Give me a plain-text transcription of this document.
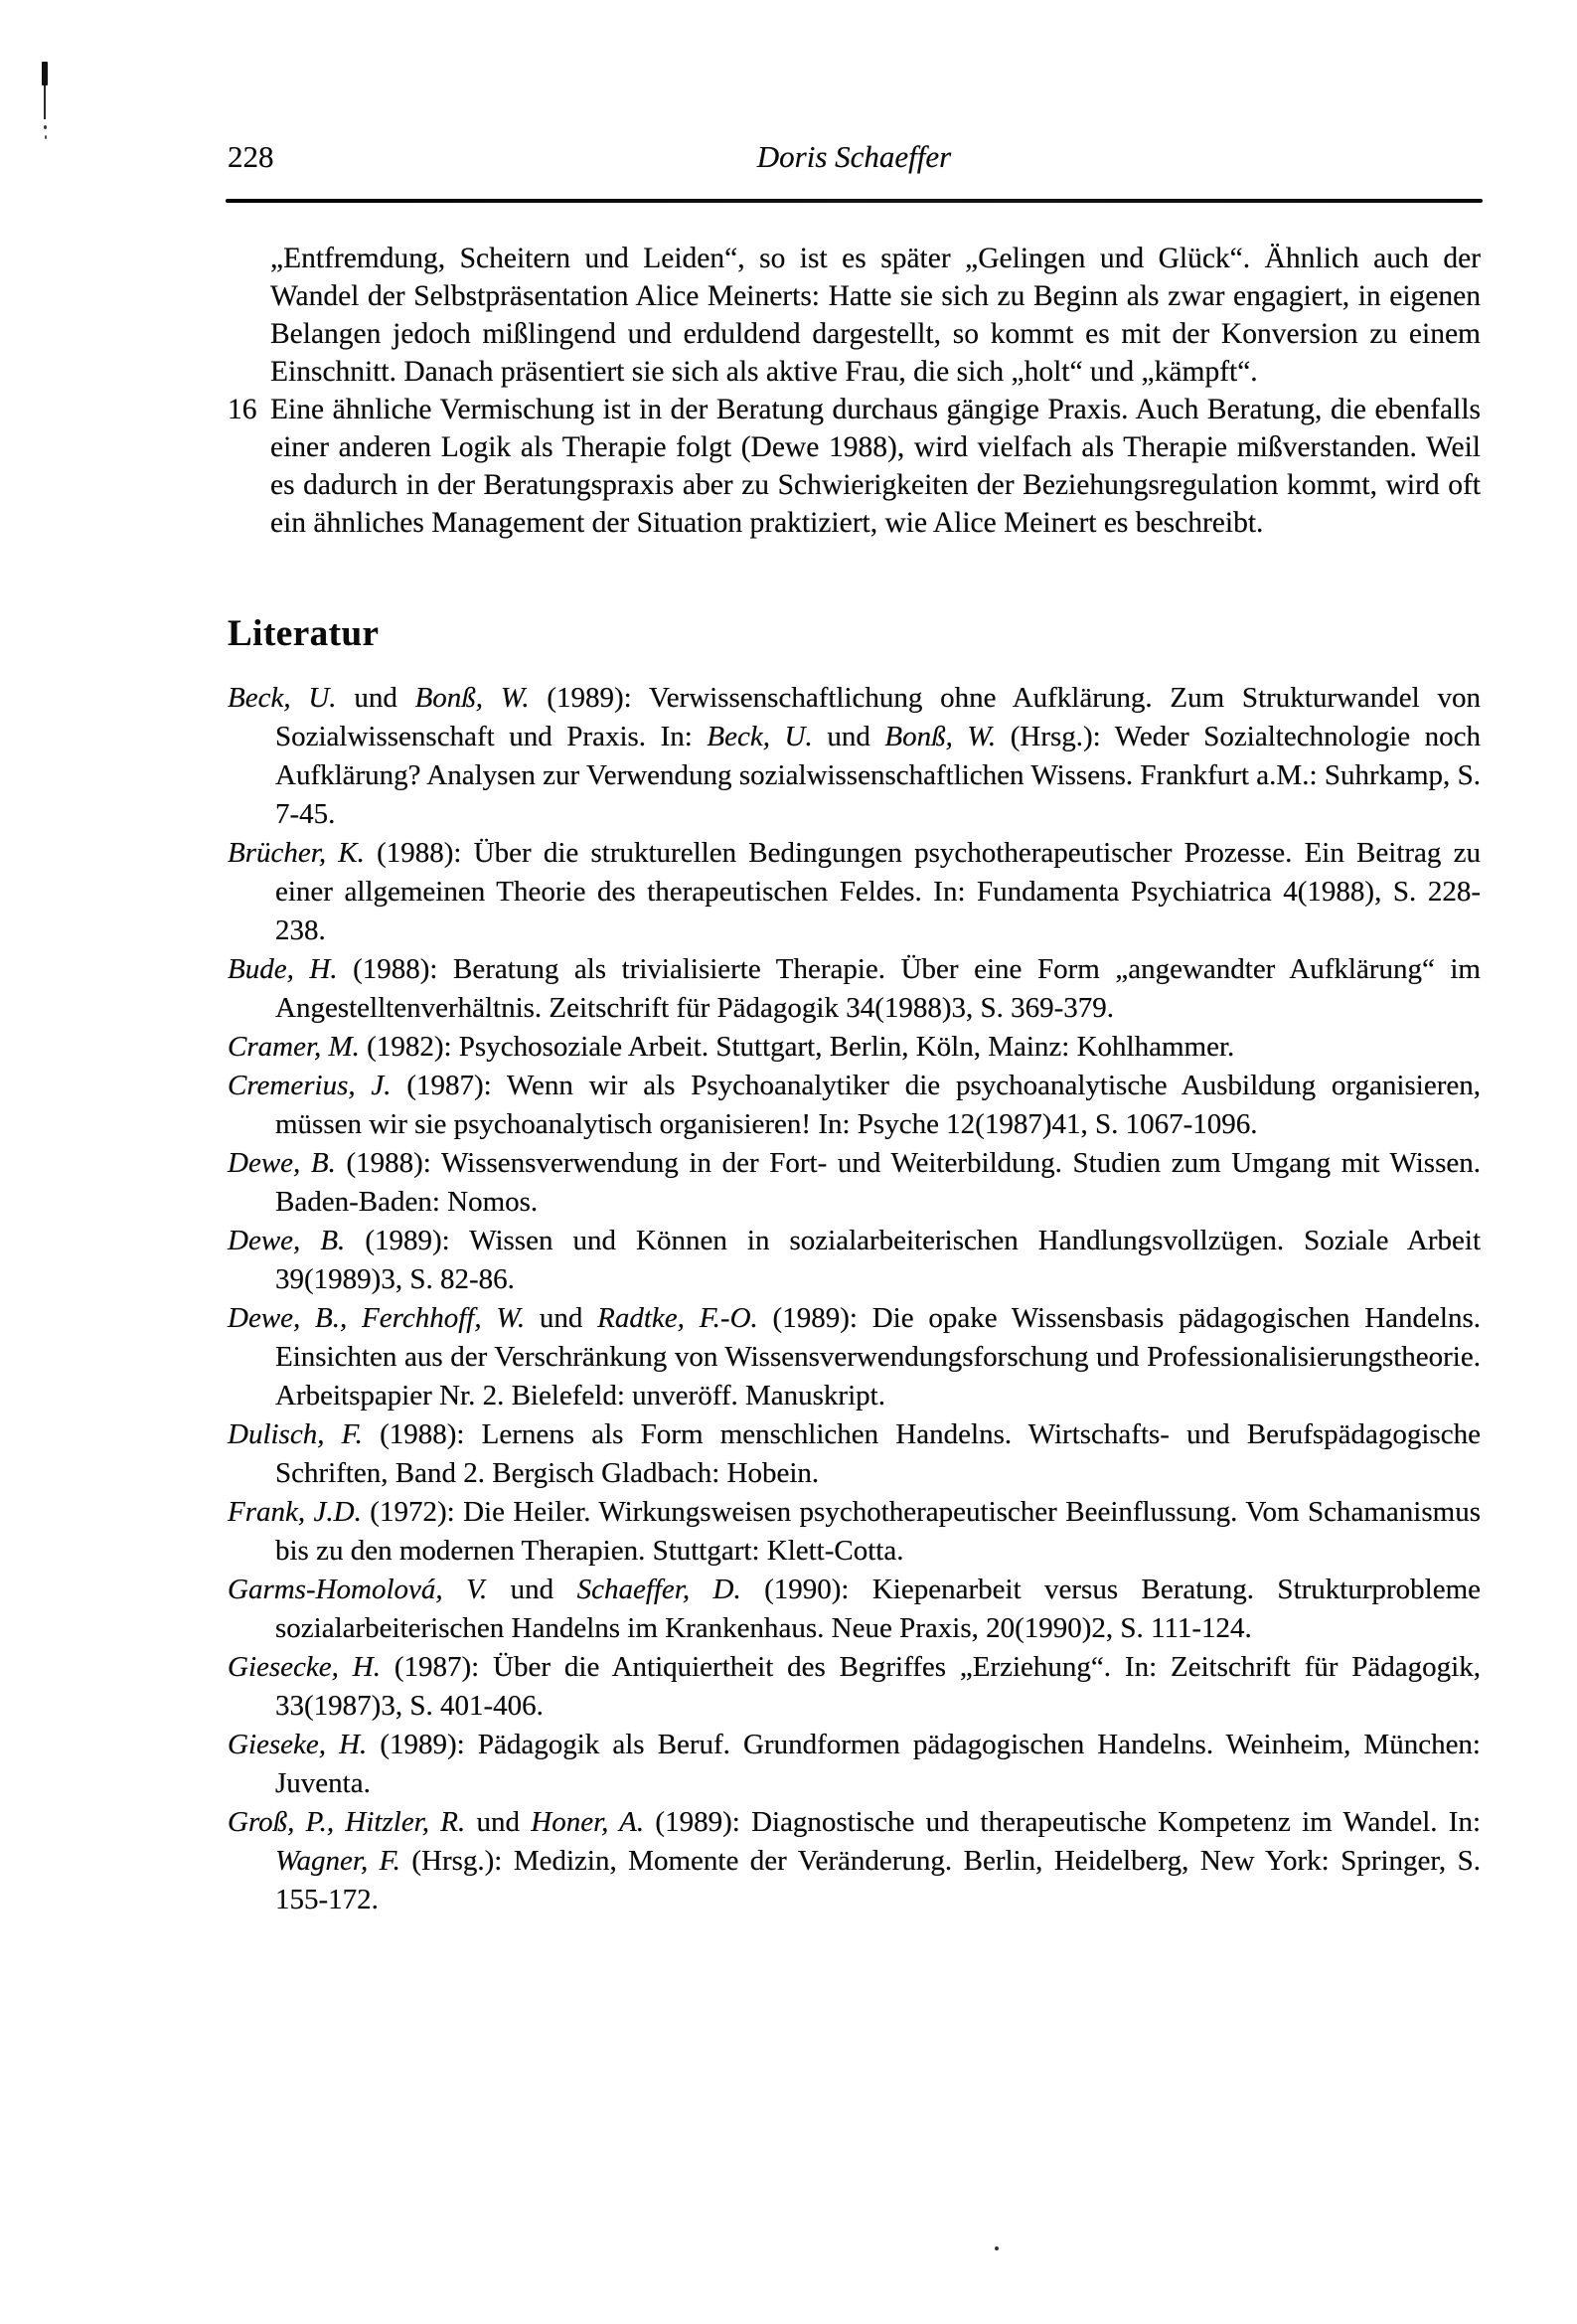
228	Doris Schaeffer

„Entfremdung, Scheitern und Leiden“, so ist es später „Gelingen und Glück“. Ähnlich auch der Wandel der Selbstpräsentation Alice Meinerts: Hatte sie sich zu Beginn als zwar engagiert, in eigenen Belangen jedoch mißlingend und erduldend dargestellt, so kommt es mit der Konversion zu einem Einschnitt. Danach präsentiert sie sich als aktive Frau, die sich „holt“ und „kämpft“.

16 Eine ähnliche Vermischung ist in der Beratung durchaus gängige Praxis. Auch Beratung, die ebenfalls einer anderen Logik als Therapie folgt (Dewe 1988), wird vielfach als Therapie mißverstanden. Weil es dadurch in der Beratungspraxis aber zu Schwierigkeiten der Beziehungsregulation kommt, wird oft ein ähnliches Management der Situation praktiziert, wie Alice Meinert es beschreibt.

Literatur

Beck, U. und Bonß, W. (1989): Verwissenschaftlichung ohne Aufklärung. Zum Strukturwandel von Sozialwissenschaft und Praxis. In: Beck, U. und Bonß, W. (Hrsg.): Weder Sozialtechnologie noch Aufklärung? Analysen zur Verwendung sozialwissenschaftlichen Wissens. Frankfurt a.M.: Suhrkamp, S. 7-45.

Brücher, K. (1988): Über die strukturellen Bedingungen psychotherapeutischer Prozesse. Ein Beitrag zu einer allgemeinen Theorie des therapeutischen Feldes. In: Fundamenta Psychiatrica 4(1988), S. 228-238.

Bude, H. (1988): Beratung als trivialisierte Therapie. Über eine Form „angewandter Aufklärung“ im Angestelltenverhältnis. Zeitschrift für Pädagogik 34(1988)3, S. 369-379.

Cramer, M. (1982): Psychosoziale Arbeit. Stuttgart, Berlin, Köln, Mainz: Kohlhammer.

Cremerius, J. (1987): Wenn wir als Psychoanalytiker die psychoanalytische Ausbildung organisieren, müssen wir sie psychoanalytisch organisieren! In: Psyche 12(1987)41, S. 1067-1096.

Dewe, B. (1988): Wissensverwendung in der Fort- und Weiterbildung. Studien zum Umgang mit Wissen. Baden-Baden: Nomos.

Dewe, B. (1989): Wissen und Können in sozialarbeiterischen Handlungsvollzügen. Soziale Arbeit 39(1989)3, S. 82-86.

Dewe, B., Ferchhoff, W. und Radtke, F.-O. (1989): Die opake Wissensbasis pädagogischen Handelns. Einsichten aus der Verschränkung von Wissensverwendungsforschung und Professionalisierungstheorie. Arbeitspapier Nr. 2. Bielefeld: unveröff. Manuskript.

Dulisch, F. (1988): Lernens als Form menschlichen Handelns. Wirtschafts- und Berufspädagogische Schriften, Band 2. Bergisch Gladbach: Hobein.

Frank, J.D. (1972): Die Heiler. Wirkungsweisen psychotherapeutischer Beeinflussung. Vom Schamanismus bis zu den modernen Therapien. Stuttgart: Klett-Cotta.

Garms-Homolová, V. und Schaeffer, D. (1990): Kiepenarbeit versus Beratung. Strukturprobleme sozialarbeiterischen Handelns im Krankenhaus. Neue Praxis, 20(1990)2, S. 111-124.

Giesecke, H. (1987): Über die Antiquiertheit des Begriffes „Erziehung“. In: Zeitschrift für Pädagogik, 33(1987)3, S. 401-406.

Gieseke, H. (1989): Pädagogik als Beruf. Grundformen pädagogischen Handelns. Weinheim, München: Juventa.

Groß, P., Hitzler, R. und Honer, A. (1989): Diagnostische und therapeutische Kompetenz im Wandel. In: Wagner, F. (Hrsg.): Medizin, Momente der Veränderung. Berlin, Heidelberg, New York: Springer, S. 155-172.
